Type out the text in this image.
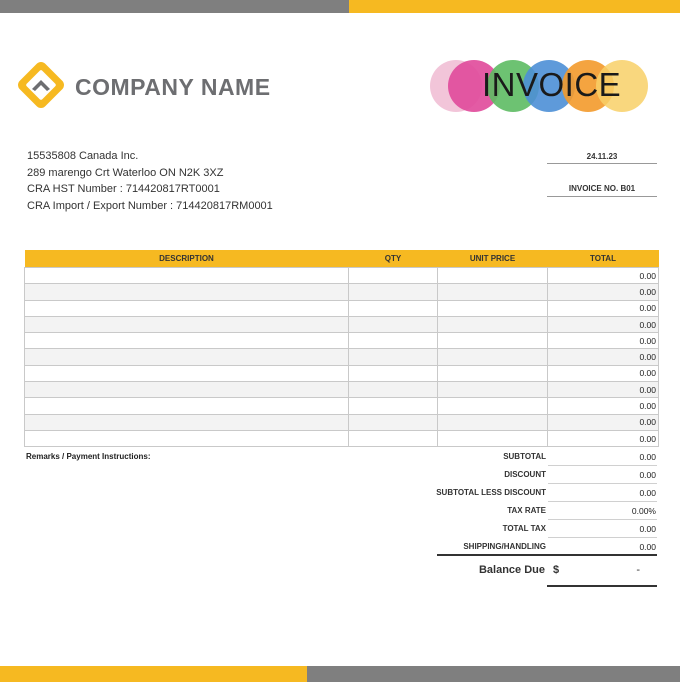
COMPANY NAME	INVOICE
15535808 Canada Inc.
289 marengo Crt Waterloo ON N2K 3XZ
CRA HST Number : 714420817RT0001
CRA Import / Export Number : 714420817RM0001
24.11.23
INVOICE NO. B01
DESCRIPTION	QTY	UNIT PRICE	TOTAL
			0.00
			0.00
			0.00
			0.00
			0.00
			0.00
			0.00
			0.00
			0.00
			0.00
			0.00
Remarks / Payment Instructions:	SUBTOTAL	0.00
DISCOUNT	0.00
SUBTOTAL LESS DISCOUNT	0.00
TAX RATE	0.00%
TOTAL TAX	0.00
SHIPPING/HANDLING	0.00
Balance Due $	-
